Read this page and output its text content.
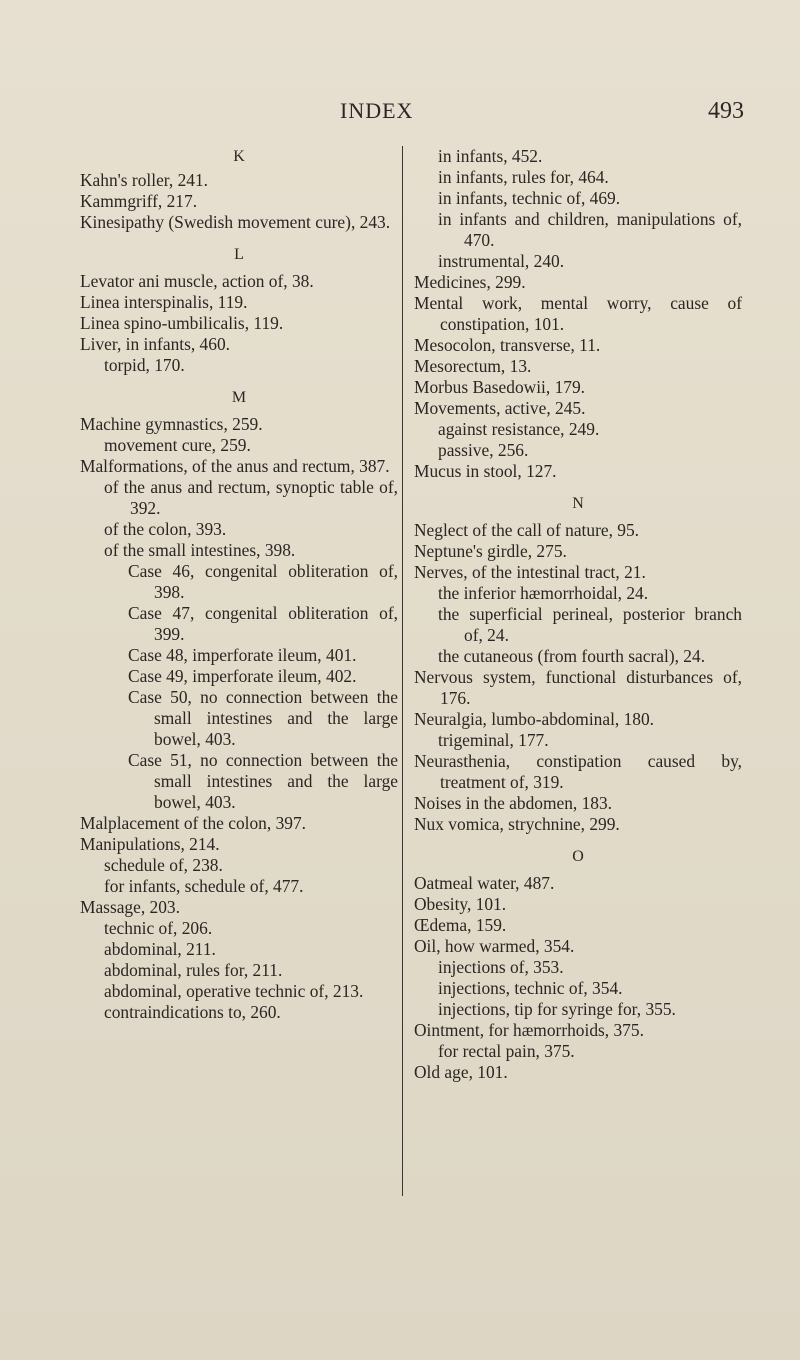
INDEX	493
K
Kahn's roller, 241.
Kammgriff, 217.
Kinesipathy (Swedish movement cure), 243.
L
Levator ani muscle, action of, 38.
Linea interspinalis, 119.
Linea spino-umbilicalis, 119.
Liver, in infants, 460.
torpid, 170.
M
Machine gymnastics, 259.
movement cure, 259.
Malformations, of the anus and rectum, 387.
of the anus and rectum, synoptic table of, 392.
of the colon, 393.
of the small intestines, 398.
Case 46, congenital obliteration of, 398.
Case 47, congenital obliteration of, 399.
Case 48, imperforate ileum, 401.
Case 49, imperforate ileum, 402.
Case 50, no connection between the small intestines and the large bowel, 403.
Case 51, no connection between the small intestines and the large bowel, 403.
Malplacement of the colon, 397.
Manipulations, 214.
schedule of, 238.
for infants, schedule of, 477.
Massage, 203.
technic of, 206.
abdominal, 211.
abdominal, rules for, 211.
abdominal, operative technic of, 213.
contraindications to, 260.
in infants, 452.
in infants, rules for, 464.
in infants, technic of, 469.
in infants and children, manipulations of, 470.
instrumental, 240.
Medicines, 299.
Mental work, mental worry, cause of constipation, 101.
Mesocolon, transverse, 11.
Mesorectum, 13.
Morbus Basedowii, 179.
Movements, active, 245.
against resistance, 249.
passive, 256.
Mucus in stool, 127.
N
Neglect of the call of nature, 95.
Neptune's girdle, 275.
Nerves, of the intestinal tract, 21.
the inferior hæmorrhoidal, 24.
the superficial perineal, posterior branch of, 24.
the cutaneous (from fourth sacral), 24.
Nervous system, functional disturbances of, 176.
Neuralgia, lumbo-abdominal, 180.
trigeminal, 177.
Neurasthenia, constipation caused by, treatment of, 319.
Noises in the abdomen, 183.
Nux vomica, strychnine, 299.
O
Oatmeal water, 487.
Obesity, 101.
Œdema, 159.
Oil, how warmed, 354.
injections of, 353.
injections, technic of, 354.
injections, tip for syringe for, 355.
Ointment, for hæmorrhoids, 375.
for rectal pain, 375.
Old age, 101.
